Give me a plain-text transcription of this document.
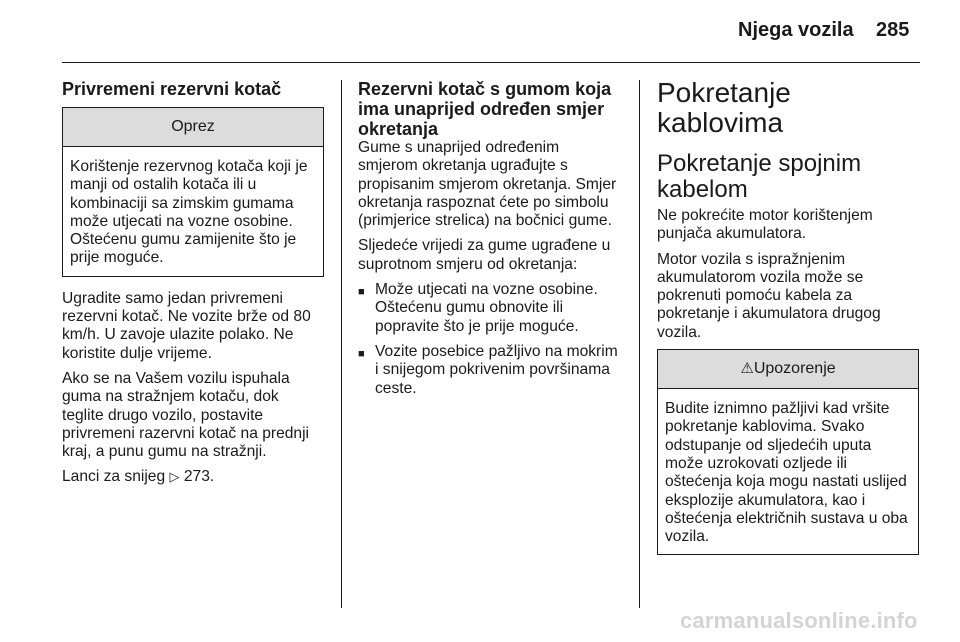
Njega vozila 285
Privremeni rezervni kotač
Oprez

Korištenje rezervnog kotača koji je manji od ostalih kotača ili u kombinaciji sa zimskim gumama može utjecati na vozne osobine. Oštećenu gumu zamijenite što je prije moguće.

Ugradite samo jedan privremeni rezervni kotač. Ne vozite brže od 80 km/h. U zavoje ulazite polako. Ne koristite dulje vrijeme.

Ako se na Vašem vozilu ispuhala guma na stražnjem kotaču, dok teglite drugo vozilo, postavite privremeni razervni kotač na prednji kraj, a punu gumu na stražnji.

Lanci za snijeg ▷ 273.

Rezervni kotač s gumom koja ima unaprijed određen smjer okretanja

Gume s unaprijed određenim smjerom okretanja ugrađujte s propisanim smjerom okretanja. Smjer okretanja raspoznat ćete po simbolu (primjerice strelica) na bočnici gume.

Sljedeće vrijedi za gume ugrađene u suprotnom smjeru od okretanja:

■ Može utjecati na vozne osobine. Oštećenu gumu obnovite ili popravite što je prije moguće.
■ Vozite posebice pažljivo na mokrim i snijegom pokrivenim površinama ceste.
Pokretanje kablovima
Pokretanje spojnim kabelom

Ne pokrećite motor korištenjem punjača akumulatora.

Motor vozila s ispražnjenim akumulatorom vozila može se pokrenuti pomoću kabela za pokretanje i akumulatora drugog vozila.

⚠Upozorenje

Budite iznimno pažljivi kad vršite pokretanje kablovima. Svako odstupanje od sljedećih uputa može uzrokovati ozljede ili oštećenja koja mogu nastati uslijed eksplozije akumulatora, kao i oštećenja električnih sustava u oba vozila.

carmanualsonline.info
